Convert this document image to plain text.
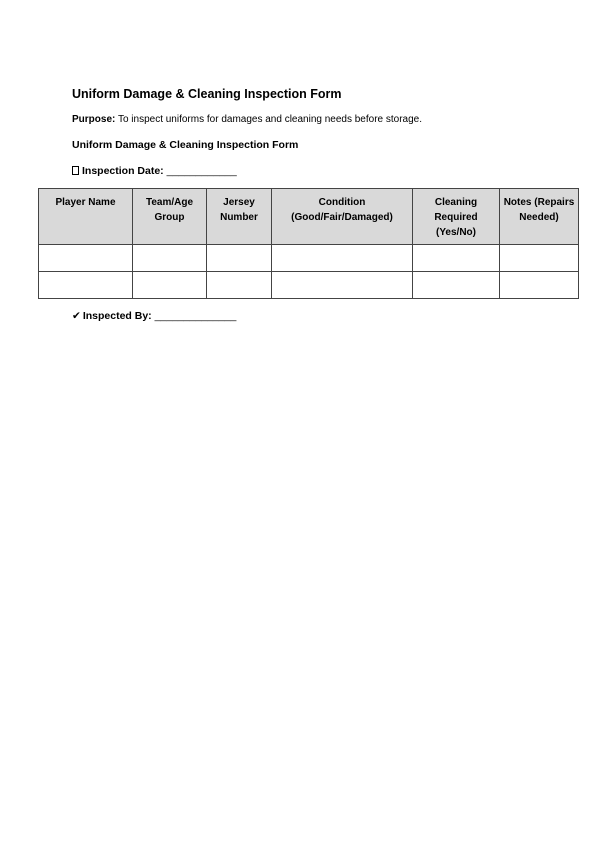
Uniform Damage & Cleaning Inspection Form
Purpose: To inspect uniforms for damages and cleaning needs before storage.
Uniform Damage & Cleaning Inspection Form
Inspection Date: ____________
Player Name	Team/Age Group	Jersey Number	Condition (Good/Fair/Damaged)	Cleaning Required (Yes/No)	Notes (Repairs Needed)

✔ Inspected By: ______________
